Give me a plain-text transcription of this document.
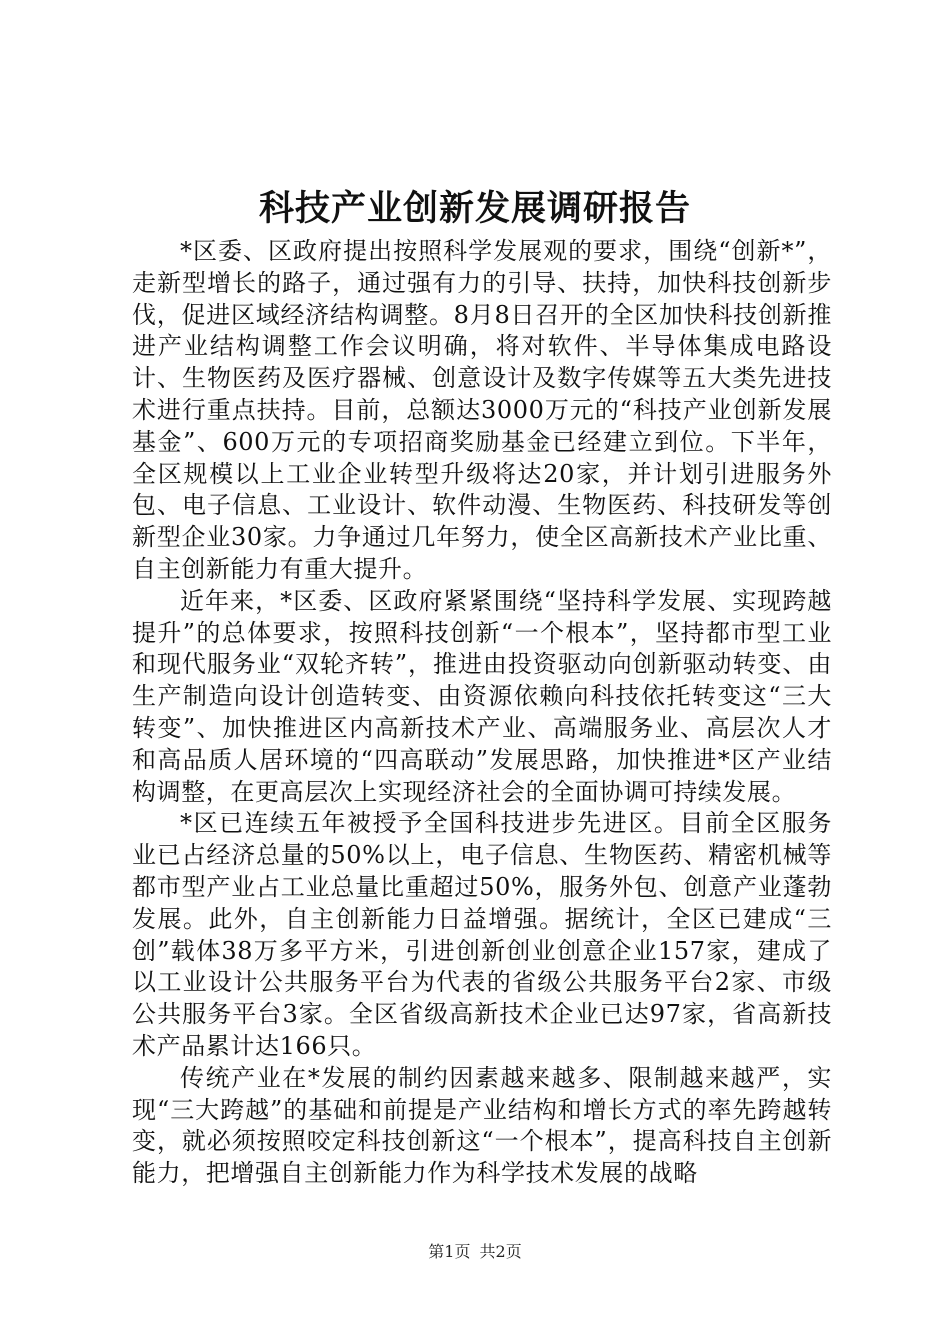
科技产业创新发展调研报告

*区委、区政府提出按照科学发展观的要求，围绕“创新*”，走新型增长的路子，通过强有力的引导、扶持，加快科技创新步伐，促进区域经济结构调整。8月8日召开的全区加快科技创新推进产业结构调整工作会议明确，将对软件、半导体集成电路设计、生物医药及医疗器械、创意设计及数字传媒等五大类先进技术进行重点扶持。目前，总额达3000万元的“科技产业创新发展基金”、600万元的专项招商奖励基金已经建立到位。下半年，全区规模以上工业企业转型升级将达20家，并计划引进服务外包、电子信息、工业设计、软件动漫、生物医药、科技研发等创新型企业30家。力争通过几年努力，使全区高新技术产业比重、自主创新能力有重大提升。

近年来，*区委、区政府紧紧围绕“坚持科学发展、实现跨越提升”的总体要求，按照科技创新“一个根本”，坚持都市型工业和现代服务业“双轮齐转”，推进由投资驱动向创新驱动转变、由生产制造向设计创造转变、由资源依赖向科技依托转变这“三大转变”、加快推进区内高新技术产业、高端服务业、高层次人才和高品质人居环境的“四高联动”发展思路，加快推进*区产业结构调整，在更高层次上实现经济社会的全面协调可持续发展。

*区已连续五年被授予全国科技进步先进区。目前全区服务业已占经济总量的50%以上，电子信息、生物医药、精密机械等都市型产业占工业总量比重超过50%，服务外包、创意产业蓬勃发展。此外，自主创新能力日益增强。据统计，全区已建成“三创”载体38万多平方米，引进创新创业创意企业157家，建成了以工业设计公共服务平台为代表的省级公共服务平台2家、市级公共服务平台3家。全区省级高新技术企业已达97家，省高新技术产品累计达166只。

传统产业在*发展的制约因素越来越多、限制越来越严，实现“三大跨越”的基础和前提是产业结构和增长方式的率先跨越转变，就必须按照咬定科技创新这“一个根本”，提高科技自主创新能力，把增强自主创新能力作为科学技术发展的战略

第1页 共2页
